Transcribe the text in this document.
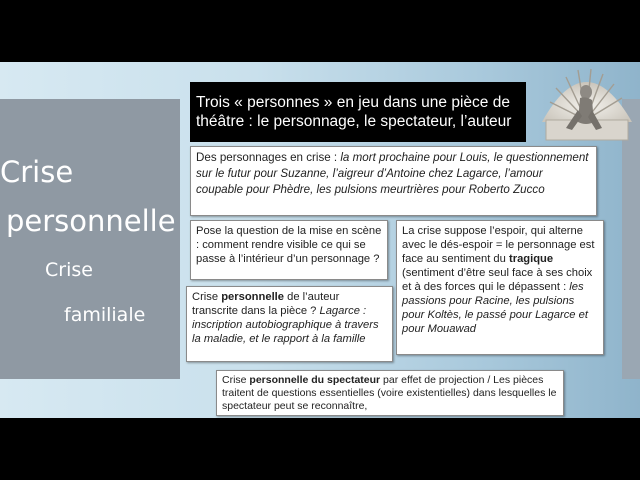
Crise
personnelle
Crise
familiale
Trois « personnes » en jeu dans une pièce de théâtre : le personnage, le spectateur, l’auteur
Des personnages en crise : la mort prochaine pour Louis, le questionnement sur le futur pour Suzanne, l’aigreur d’Antoine chez Lagarce, l’amour coupable pour Phèdre, les pulsions meurtrières pour Roberto Zucco
Pose la question de la mise en scène : comment rendre visible ce qui se passe à l’intérieur d’un personnage ?
Crise personnelle de l’auteur transcrite dans la pièce ? Lagarce : inscription autobiographique à travers la maladie, et le rapport à la famille
La crise suppose l’espoir, qui alterne avec le dés-espoir = le personnage est face au sentiment du tragique (sentiment d’être seul face à ses choix et à des forces qui le dépassent : les passions pour Racine, les pulsions pour Koltès, le passé pour Lagarce et pour Mouawad
Crise personnelle du spectateur par effet de projection / Les pièces traitent de questions essentielles (voire existentielles) dans lesquelles le spectateur peut se reconnaître,
